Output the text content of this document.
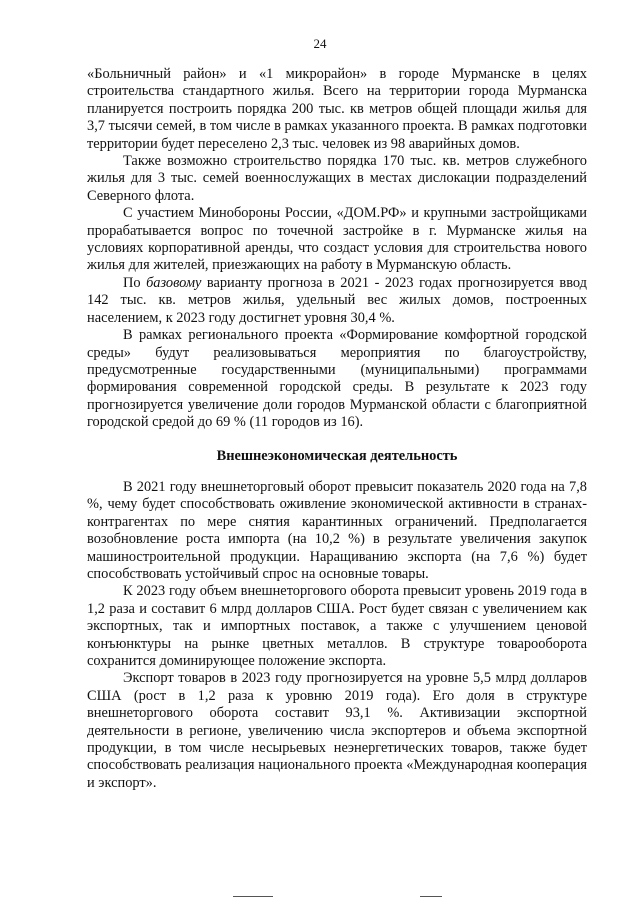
24

«Больничный район» и «1 микрорайон» в городе Мурманске в целях строительства стандартного жилья. Всего на территории города Мурманска планируется построить порядка 200 тыс. кв метров общей площади жилья для 3,7 тысячи семей, в том числе в рамках указанного проекта. В рамках подготовки территории будет переселено 2,3 тыс. человек из 98 аварийных домов.

Также возможно строительство порядка 170 тыс. кв. метров служебного жилья для 3 тыс. семей военнослужащих в местах дислокации подразделений Северного флота.

С участием Минобороны России, «ДОМ.РФ» и крупными застройщиками прорабатывается вопрос по точечной застройке в г. Мурманске жилья на условиях корпоративной аренды, что создаст условия для строительства нового жилья для жителей, приезжающих на работу в Мурманскую область.

По базовому варианту прогноза в 2021 - 2023 годах прогнозируется ввод 142 тыс. кв. метров жилья, удельный вес жилых домов, построенных населением, к 2023 году достигнет уровня 30,4 %.

В рамках регионального проекта «Формирование комфортной городской среды» будут реализовываться мероприятия по благоустройству, предусмотренные государственными (муниципальными) программами формирования современной городской среды. В результате к 2023 году прогнозируется увеличение доли городов Мурманской области с благоприятной городской средой до 69 % (11 городов из 16).

Внешнеэкономическая деятельность

В 2021 году внешнеторговый оборот превысит показатель 2020 года на 7,8 %, чему будет способствовать оживление экономической активности в странах-контрагентах по мере снятия карантинных ограничений. Предполагается возобновление роста импорта (на 10,2 %) в результате увеличения закупок машиностроительной продукции. Наращиванию экспорта (на 7,6 %) будет способствовать устойчивый спрос на основные товары.

К 2023 году объем внешнеторгового оборота превысит уровень 2019 года в 1,2 раза и составит 6 млрд долларов США. Рост будет связан с увеличением как экспортных, так и импортных поставок, а также с улучшением ценовой конъюнктуры на рынке цветных металлов. В структуре товарооборота сохранится доминирующее положение экспорта.

Экспорт товаров в 2023 году прогнозируется на уровне 5,5 млрд долларов США (рост в 1,2 раза к уровню 2019 года). Его доля в структуре внешнеторгового оборота составит 93,1 %. Активизации экспортной деятельности в регионе, увеличению числа экспортеров и объема экспортной продукции, в том числе несырьевых неэнергетических товаров, также будет способствовать реализация национального проекта «Международная кооперация и экспорт».
